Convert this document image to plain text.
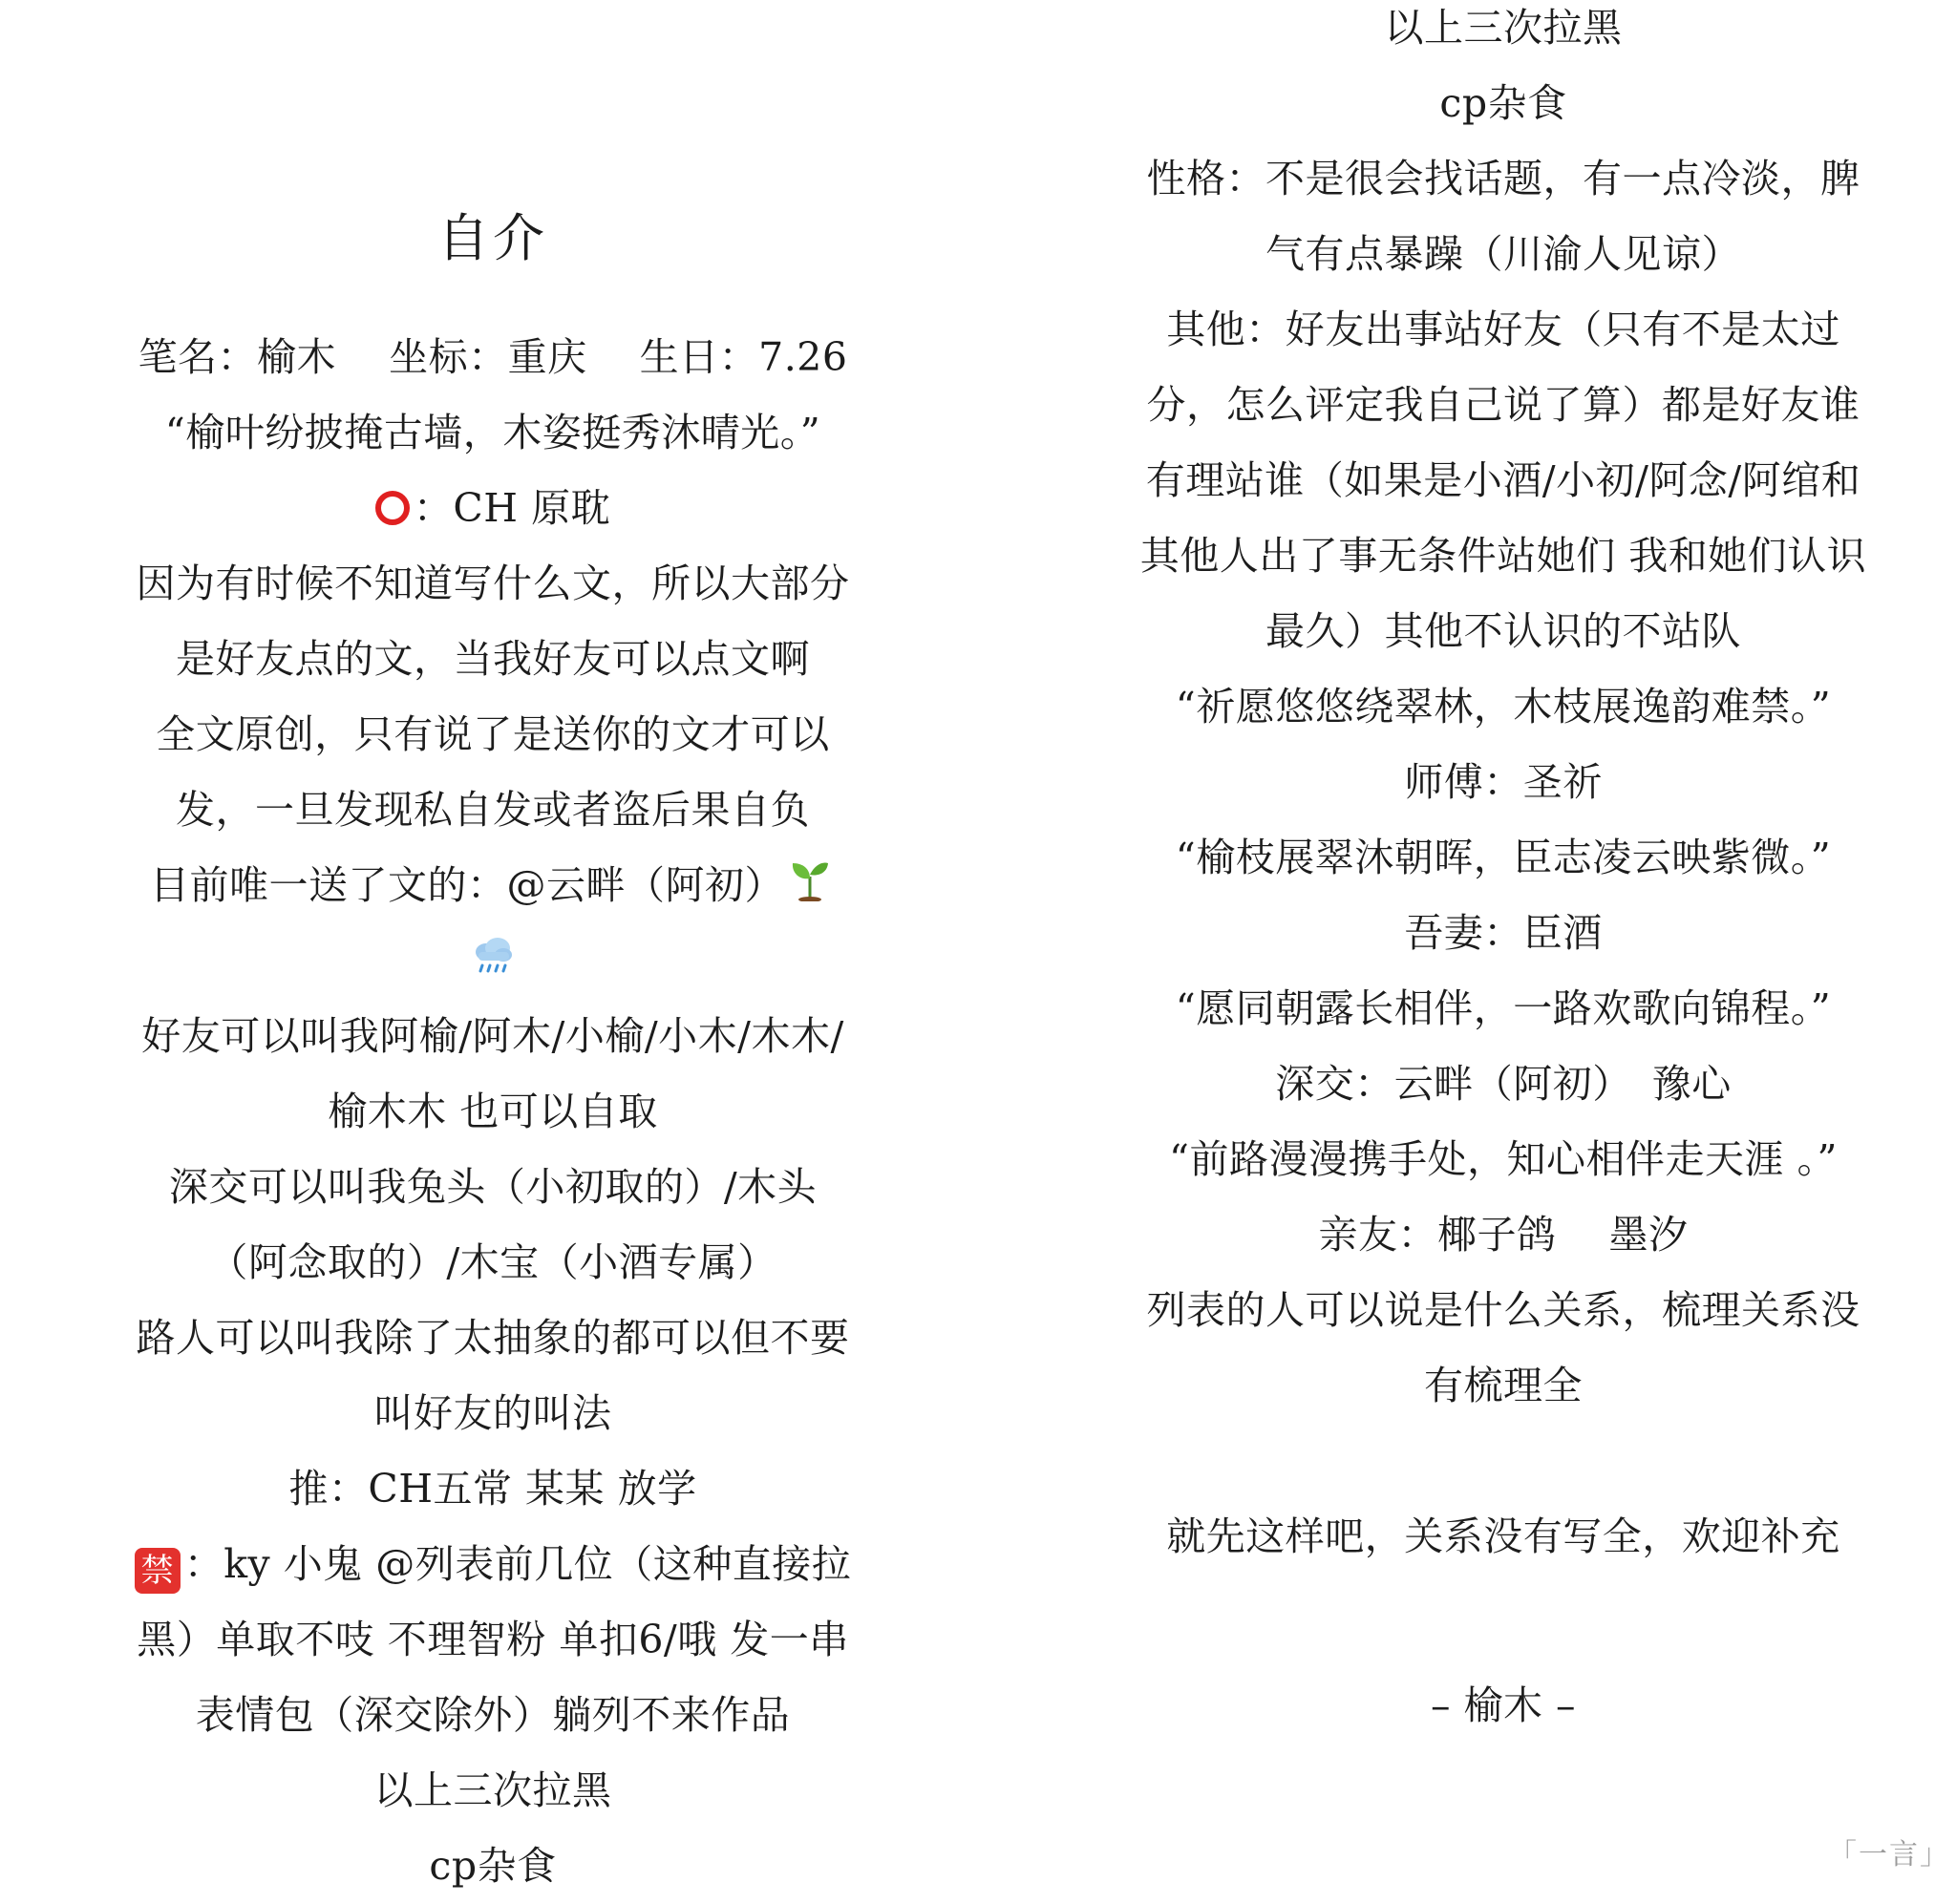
自介
笔名：榆木　 坐标：重庆　 生日：7.26
“榆叶纷披掩古墙，木姿挺秀沐晴光。”
：CH 原耽
因为有时候不知道写什么文，所以大部分
是好友点的文，当我好友可以点文啊
全文原创，只有说了是送你的文才可以
发，一旦发现私自发或者盗后果自负
目前唯一送了文的：@云畔（阿初）
好友可以叫我阿榆/阿木/小榆/小木/木木/
榆木木 也可以自取
深交可以叫我兔头（小初取的）/木头
（阿念取的）/木宝（小酒专属）
路人可以叫我除了太抽象的都可以但不要
叫好友的叫法
推：CH五常 某某 放学
禁 ：ky 小鬼 @列表前几位（这种直接拉
黑）单取不吱 不理智粉 单扣6/哦 发一串
表情包（深交除外）躺列不来作品
以上三次拉黑
cp杂食
以上三次拉黑
cp杂食
性格：不是很会找话题，有一点冷淡，脾
气有点暴躁（川渝人见谅）
其他：好友出事站好友（只有不是太过
分，怎么评定我自己说了算）都是好友谁
有理站谁（如果是小酒/小初/阿念/阿绾和
其他人出了事无条件站她们 我和她们认识
最久）其他不认识的不站队
“祈愿悠悠绕翠林，木枝展逸韵难禁。”
师傅：圣祈
“榆枝展翠沐朝晖，臣志凌云映紫微。”
吾妻：臣酒
“愿同朝露长相伴，一路欢歌向锦程。”
深交：云畔（阿初）　豫心
“前路漫漫携手处，知心相伴走天涯 。”
亲友：椰子鸽　 墨汐
列表的人可以说是什么关系，梳理关系没
有梳理全
就先这样吧，关系没有写全，欢迎补充
– 榆木 –
「一言」
